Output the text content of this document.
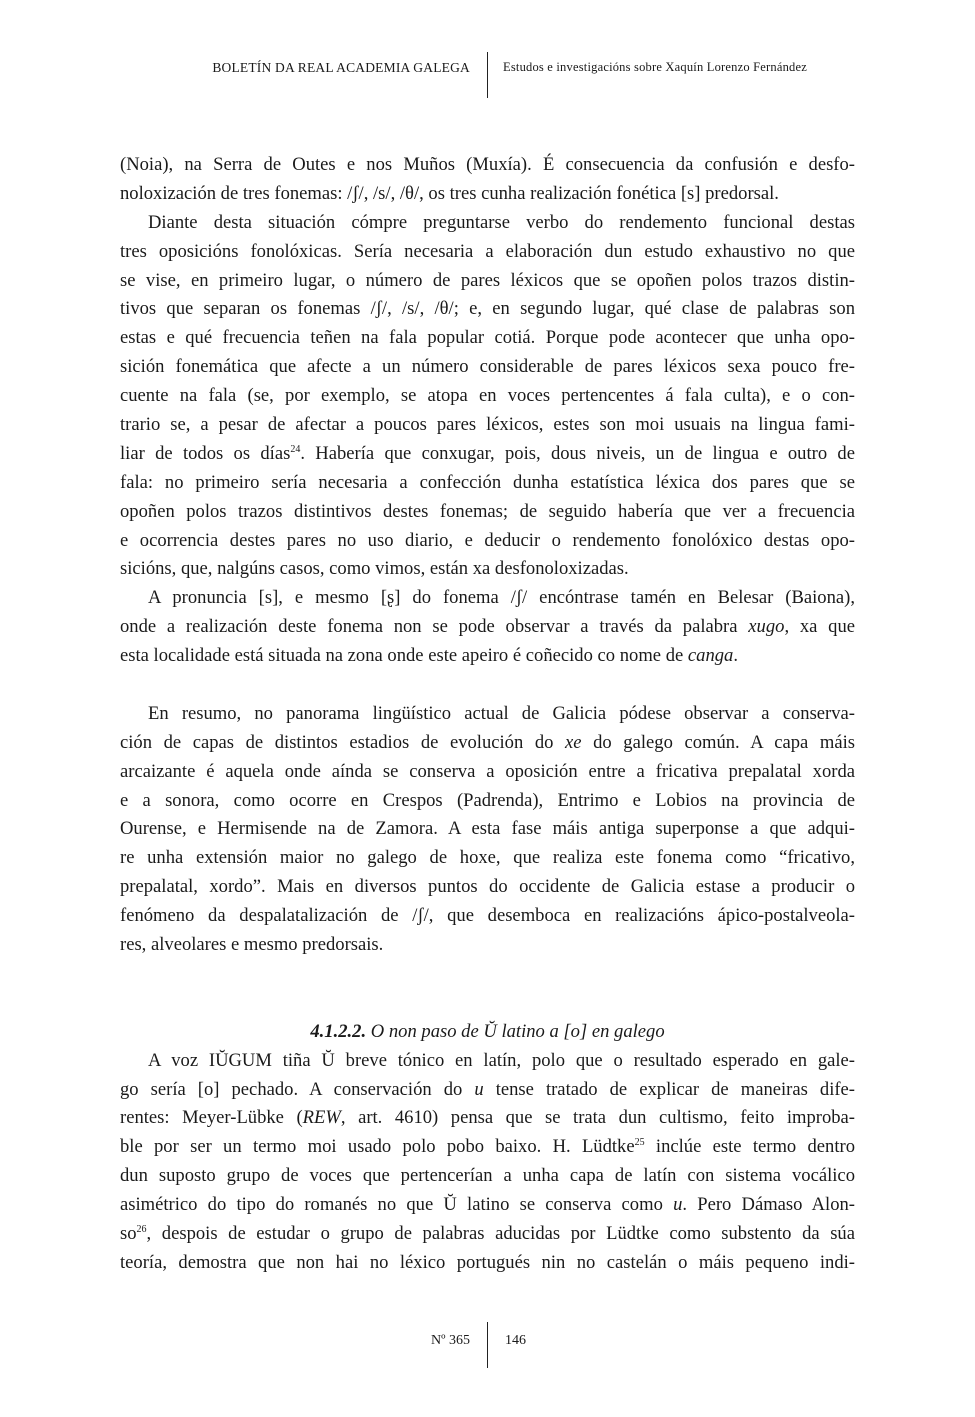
BOLETÍN DA REAL ACADEMIA GALEGA	Estudos e investigacións sobre Xaquín Lorenzo Fernández
(Noia), na Serra de Outes e nos Muños (Muxía). É consecuencia da confusión e desfo-
noloxización de tres fonemas: /ʃ/, /s/, /θ/, os tres cunha realización fonética [s] predorsal.
Diante desta situación cómpre preguntarse verbo do rendemento funcional destas
tres oposicións fonolóxicas. Sería necesaria a elaboración dun estudo exhaustivo no que
se vise, en primeiro lugar, o número de pares léxicos que se opoñen polos trazos distin-
tivos que separan os fonemas /ʃ/, /s/, /θ/; e, en segundo lugar, qué clase de palabras son
estas e qué frecuencia teñen na fala popular cotiá. Porque pode acontecer que unha opo-
sición fonemática que afecte a un número considerable de pares léxicos sexa pouco fre-
cuente na fala (se, por exemplo, se atopa en voces pertencentes á fala culta), e o con-
trario se, a pesar de afectar a poucos pares léxicos, estes son moi usuais na lingua fami-
liar de todos os días$^{24}$. Habería que conxugar, pois, dous niveis, un de lingua e outro de
fala: no primeiro sería necesaria a confección dunha estatística léxica dos pares que se
opoñen polos trazos distintivos destes fonemas; de seguido habería que ver a frecuencia
e ocorrencia destes pares no uso diario, e deducir o rendemento fonolóxico destas opo-
sicións, que, nalgúns casos, como vimos, están xa desfonoloxizadas.
A pronuncia [s], e mesmo [ʂ] do fonema /ʃ/ encóntrase tamén en Belesar (Baiona),
onde a realización deste fonema non se pode observar a través da palabra xugo, xa que
esta localidade está situada na zona onde este apeiro é coñecido co nome de canga.
En resumo, no panorama lingüístico actual de Galicia pódese observar a conserva-
ción de capas de distintos estadios de evolución do xe do galego común. A capa máis
arcaizante é aquela onde aínda se conserva a oposición entre a fricativa prepalatal xorda
e a sonora, como ocorre en Crespos (Padrenda), Entrimo e Lobios na provincia de
Ourense, e Hermisende na de Zamora. A esta fase máis antiga superponse a que adqui-
re unha extensión maior no galego de hoxe, que realiza este fonema como “fricativo,
prepalatal, xordo”. Mais en diversos puntos do occidente de Galicia estase a producir o
fenómeno da despalatalización de /ʃ/, que desemboca en realizacións ápico-postalveola-
res, alveolares e mesmo predorsais.
4.1.2.2. O non paso de Ŭ latino a [o] en galego
A voz IŬGUM tiña Ŭ breve tónico en latín, polo que o resultado esperado en gale-
go sería [o] pechado. A conservación do u tense tratado de explicar de maneiras dife-
rentes: Meyer-Lübke (REW, art. 4610) pensa que se trata dun cultismo, feito improba-
ble por ser un termo moi usado polo pobo baixo. H. Lüdtke$^{25}$ inclúe este termo dentro
dun suposto grupo de voces que pertencerían a unha capa de latín con sistema vocálico
asimétrico do tipo do romanés no que Ŭ latino se conserva como u. Pero Dámaso Alon-
$so^{26}$, despois de estudar o grupo de palabras aducidas por Lüdtke como substento da súa
teoría, demostra que non hai no léxico portugués nin no castelán o máis pequeno indi-
Nº 365	146
